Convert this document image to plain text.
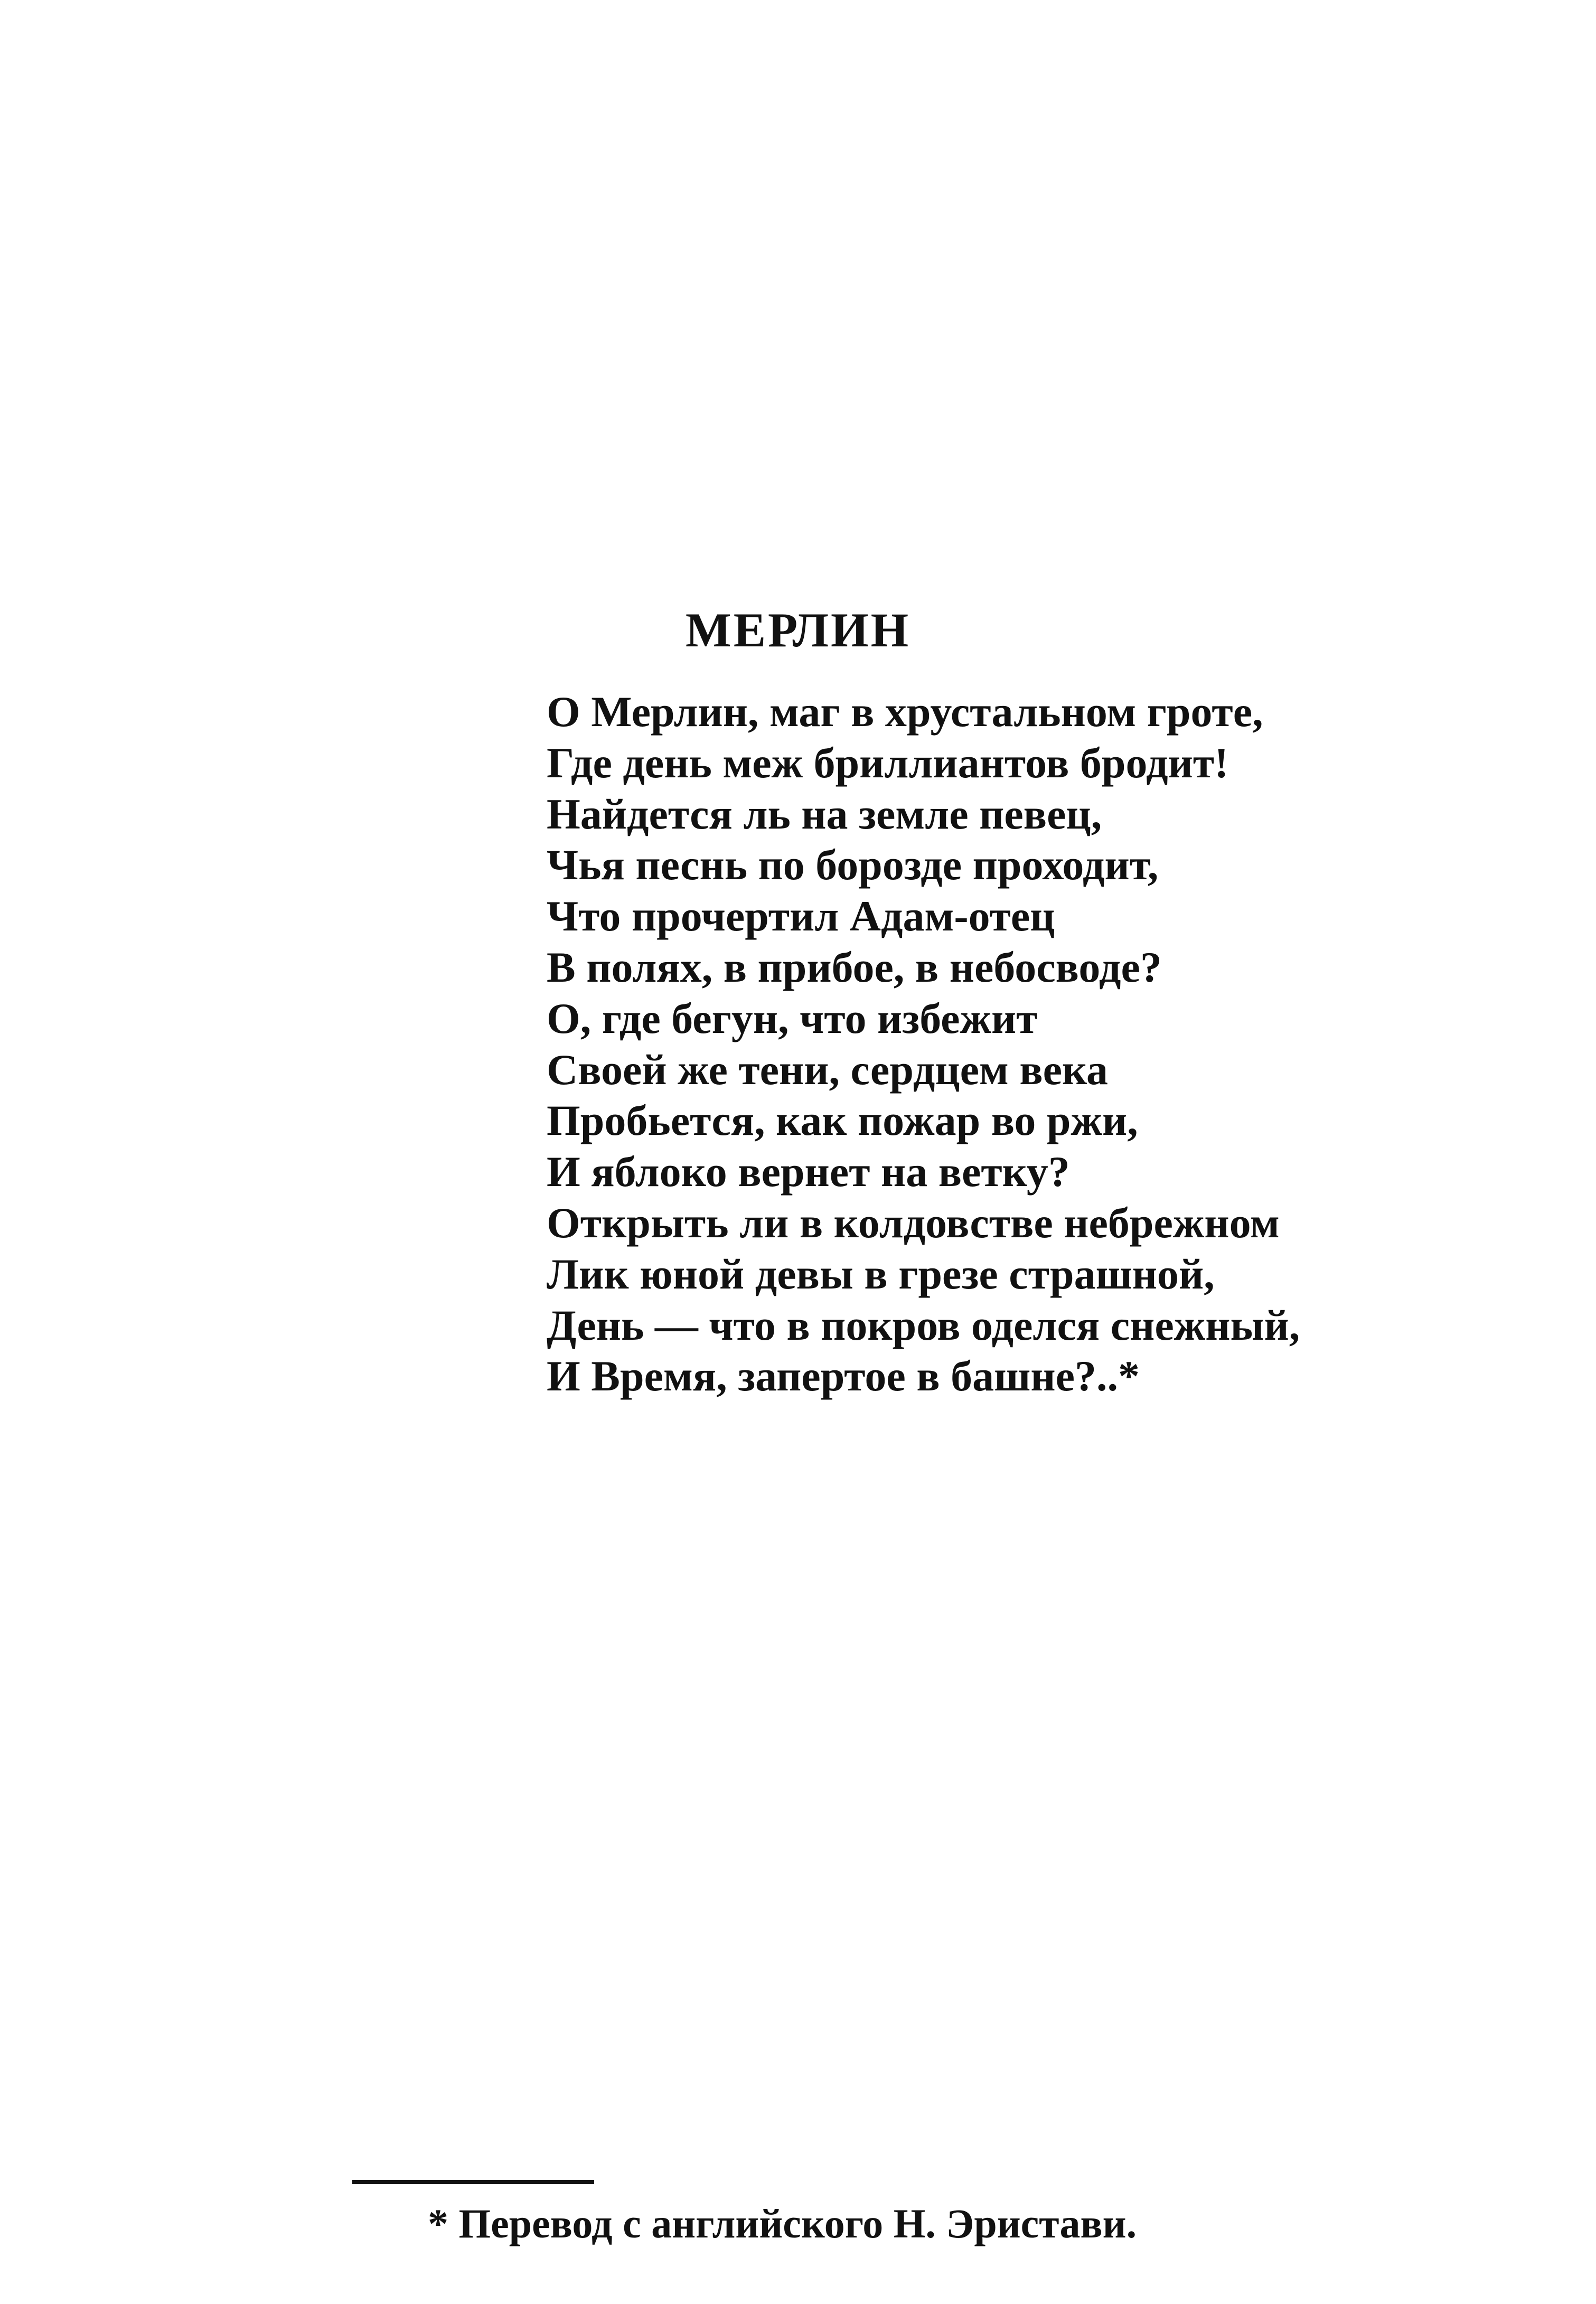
МЕРЛИН
О Мерлин, маг в хрустальном гроте,
Где день меж бриллиантов бродит!
Найдется ль на земле певец,
Чья песнь по борозде проходит,
Что прочертил Адам-отец
В полях, в прибое, в небосводе?
О, где бегун, что избежит
Своей же тени, сердцем века
Пробьется, как пожар во ржи,
И яблоко вернет на ветку?
Открыть ли в колдовстве небрежном
Лик юной девы в грезе страшной,
День — что в покров оделся снежный,
И Время, запертое в башне?..*
* Перевод с английского Н. Эристави.
